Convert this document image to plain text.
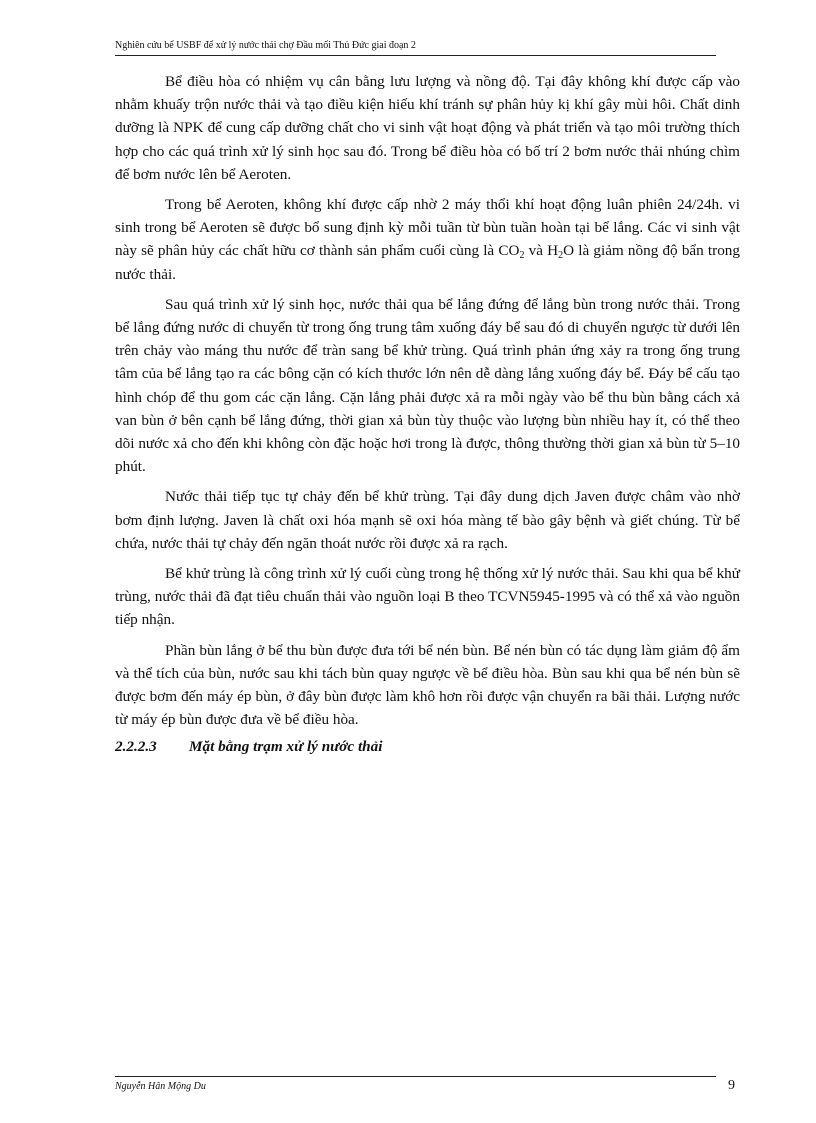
Nghiên cứu bể USBF để xử lý nước thải chợ Đầu mối Thủ Đức giai đoạn 2

Bể điều hòa có nhiệm vụ cân bằng lưu lượng và nồng độ. Tại đây không khí được cấp vào nhằm khuấy trộn nước thải và tạo điều kiện hiếu khí tránh sự phân hủy kị khí gây mùi hôi. Chất dinh dưỡng là NPK để cung cấp dưỡng chất cho vi sinh vật hoạt động và phát triển và tạo môi trường thích hợp cho các quá trình xử lý sinh học sau đó. Trong bể điều hòa có bố trí 2 bơm nước thải nhúng chìm để bơm nước lên bể Aeroten.

Trong bể Aeroten, không khí được cấp nhờ 2 máy thổi khí hoạt động luân phiên 24/24h. vi sinh trong bể Aeroten sẽ được bổ sung định kỳ mỗi tuần từ bùn tuần hoàn tại bể lắng. Các vi sinh vật này sẽ phân hủy các chất hữu cơ thành sản phẩm cuối cùng là $CO_2$ và $H_2O$ là giảm nồng độ bẩn trong nước thải.

Sau quá trình xử lý sinh học, nước thải qua bể lắng đứng để lắng bùn trong nước thải. Trong bể lắng đứng nước di chuyển từ trong ống trung tâm xuống đáy bể sau đó di chuyển ngược từ dưới lên trên chảy vào máng thu nước để tràn sang bể khử trùng. Quá trình phản ứng xảy ra trong ống trung tâm của bể lắng tạo ra các bông cặn có kích thước lớn nên dễ dàng lắng xuống đáy bể. Đáy bể cấu tạo hình chóp để thu gom các cặn lắng. Cặn lắng phải được xả ra mỗi ngày vào bể thu bùn bằng cách xả van bùn ở bên cạnh bể lắng đứng, thời gian xả bùn tùy thuộc vào lượng bùn nhiều hay ít, có thể theo dõi nước xả cho đến khi không còn đặc hoặc hơi trong là được, thông thường thời gian xả bùn từ 5–10 phút.

Nước thải tiếp tục tự chảy đến bể khử trùng. Tại đây dung dịch Javen được châm vào nhờ bơm định lượng. Javen là chất oxi hóa mạnh sẽ oxi hóa màng tế bào gây bệnh và giết chúng. Từ bể chứa, nước thải tự chảy đến ngăn thoát nước rồi được xả ra rạch.

Bể khử trùng là công trình xử lý cuối cùng trong hệ thống xử lý nước thải. Sau khi qua bể khử trùng, nước thải đã đạt tiêu chuẩn thải vào nguồn loại B theo TCVN5945-1995 và có thể xả vào nguồn tiếp nhận.

Phần bùn lắng ở bể thu bùn được đưa tới bể nén bùn. Bể nén bùn có tác dụng làm giảm độ ẩm và thể tích của bùn, nước sau khi tách bùn quay ngược về bể điều hòa. Bùn sau khi qua bể nén bùn sẽ được bơm đến máy ép bùn, ở đây bùn được làm khô hơn rồi được vận chuyển ra bãi thải. Lượng nước từ máy ép bùn được đưa về bể điều hòa.

2.2.2.3	Mặt bằng trạm xử lý nước thải
Nguyễn Hân Mộng Du	9
